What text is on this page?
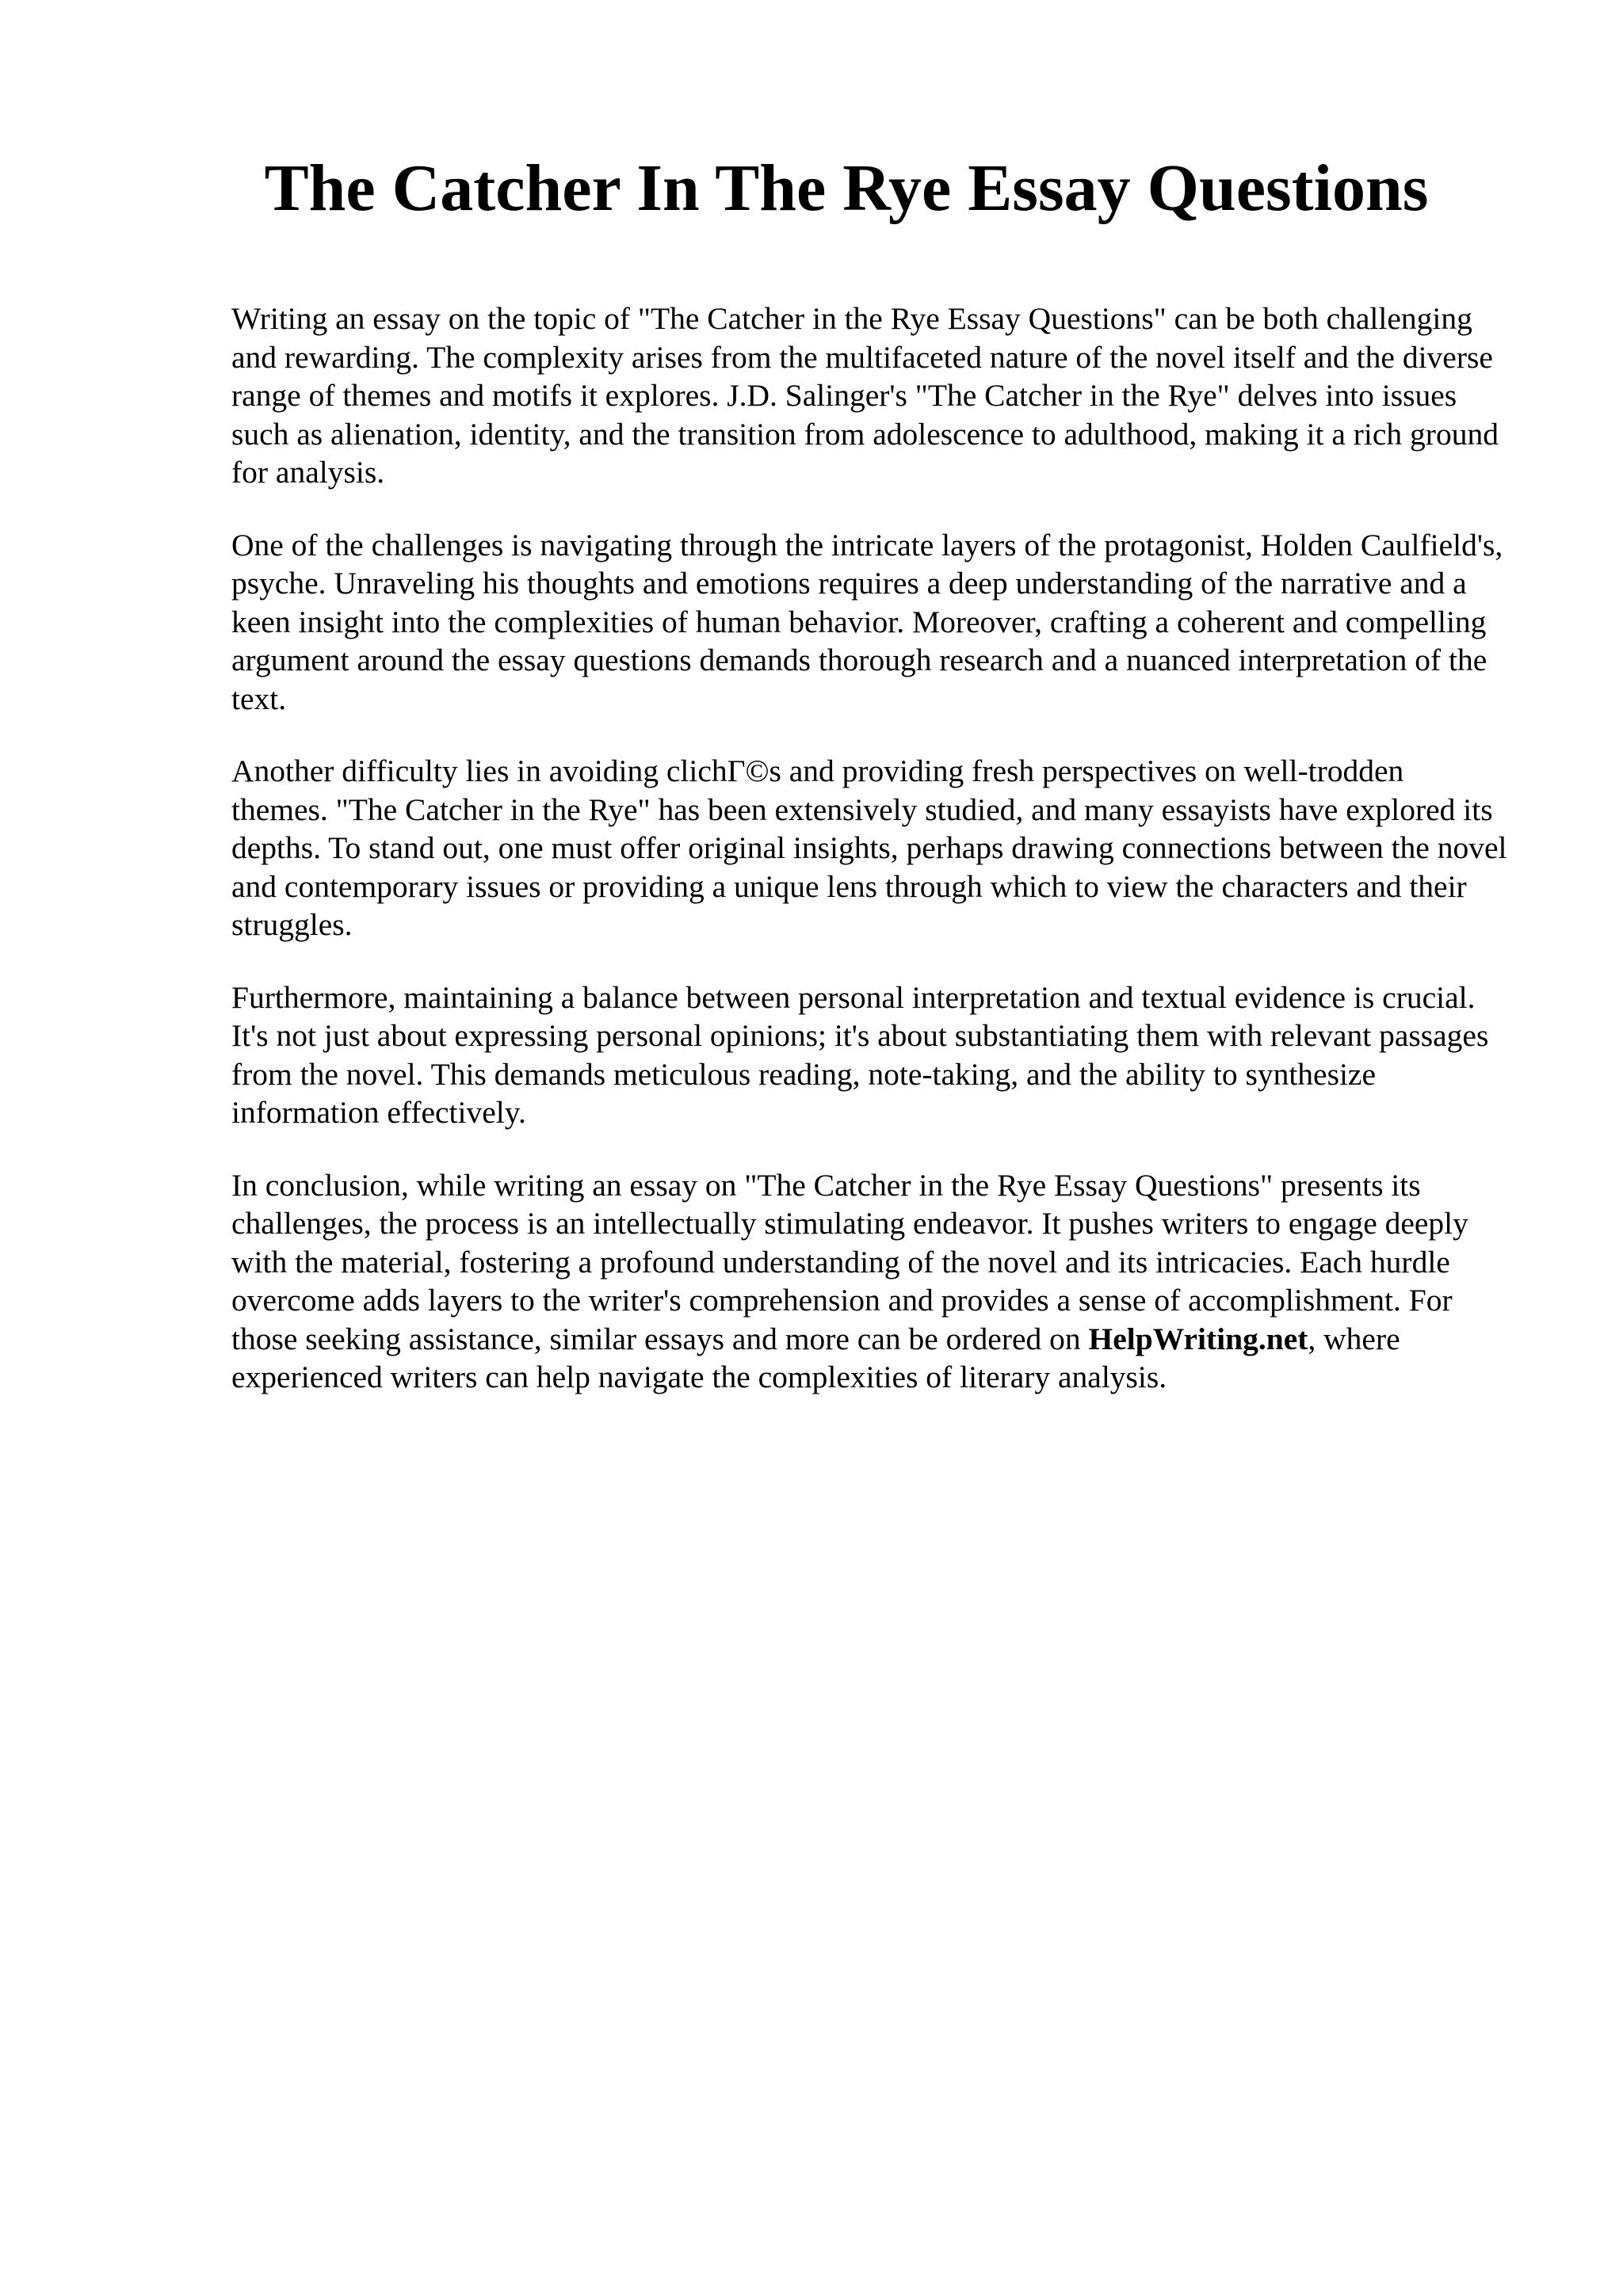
The Catcher In The Rye Essay Questions

Writing an essay on the topic of "The Catcher in the Rye Essay Questions" can be both challenging and rewarding. The complexity arises from the multifaceted nature of the novel itself and the diverse range of themes and motifs it explores. J.D. Salinger's "The Catcher in the Rye" delves into issues such as alienation, identity, and the transition from adolescence to adulthood, making it a rich ground for analysis.

One of the challenges is navigating through the intricate layers of the protagonist, Holden Caulfield's, psyche. Unraveling his thoughts and emotions requires a deep understanding of the narrative and a keen insight into the complexities of human behavior. Moreover, crafting a coherent and compelling argument around the essay questions demands thorough research and a nuanced interpretation of the text.

Another difficulty lies in avoiding clichΓ©s and providing fresh perspectives on well-trodden themes. "The Catcher in the Rye" has been extensively studied, and many essayists have explored its depths. To stand out, one must offer original insights, perhaps drawing connections between the novel and contemporary issues or providing a unique lens through which to view the characters and their struggles.

Furthermore, maintaining a balance between personal interpretation and textual evidence is crucial. It's not just about expressing personal opinions; it's about substantiating them with relevant passages from the novel. This demands meticulous reading, note-taking, and the ability to synthesize information effectively.

In conclusion, while writing an essay on "The Catcher in the Rye Essay Questions" presents its challenges, the process is an intellectually stimulating endeavor. It pushes writers to engage deeply with the material, fostering a profound understanding of the novel and its intricacies. Each hurdle overcome adds layers to the writer's comprehension and provides a sense of accomplishment. For those seeking assistance, similar essays and more can be ordered on HelpWriting.net, where experienced writers can help navigate the complexities of literary analysis.
